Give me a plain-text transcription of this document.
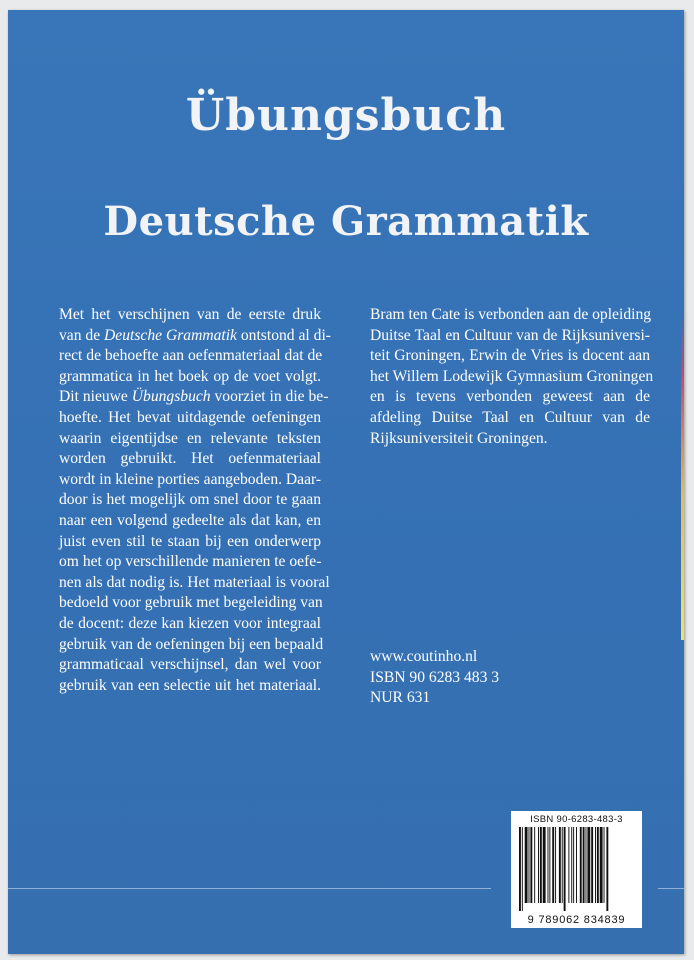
Übungsbuch
Deutsche Grammatik
Met het verschijnen van de eerste druk
van de Deutsche Grammatik ontstond al di-
rect de behoefte aan oefenmateriaal dat de
grammatica in het boek op de voet volgt.
Dit nieuwe Übungsbuch voorziet in die be-
hoefte. Het bevat uitdagende oefeningen
waarin eigentijdse en relevante teksten
worden gebruikt. Het oefenmateriaal
wordt in kleine porties aangeboden. Daar-
door is het mogelijk om snel door te gaan
naar een volgend gedeelte als dat kan, en
juist even stil te staan bij een onderwerp
om het op verschillende manieren te oefe-
nen als dat nodig is. Het materiaal is vooral
bedoeld voor gebruik met begeleiding van
de docent: deze kan kiezen voor integraal
gebruik van de oefeningen bij een bepaald
grammaticaal verschijnsel, dan wel voor
gebruik van een selectie uit het materiaal.
Bram ten Cate is verbonden aan de opleiding
Duitse Taal en Cultuur van de Rijksuniversi-
teit Groningen, Erwin de Vries is docent aan
het Willem Lodewijk Gymnasium Groningen
en is tevens verbonden geweest aan de
afdeling Duitse Taal en Cultuur van de
Rijksuniversiteit Groningen.
www.coutinho.nl
ISBN 90 6283 483 3
NUR 631
ISBN 90-6283-483-3
9 789062 834839
